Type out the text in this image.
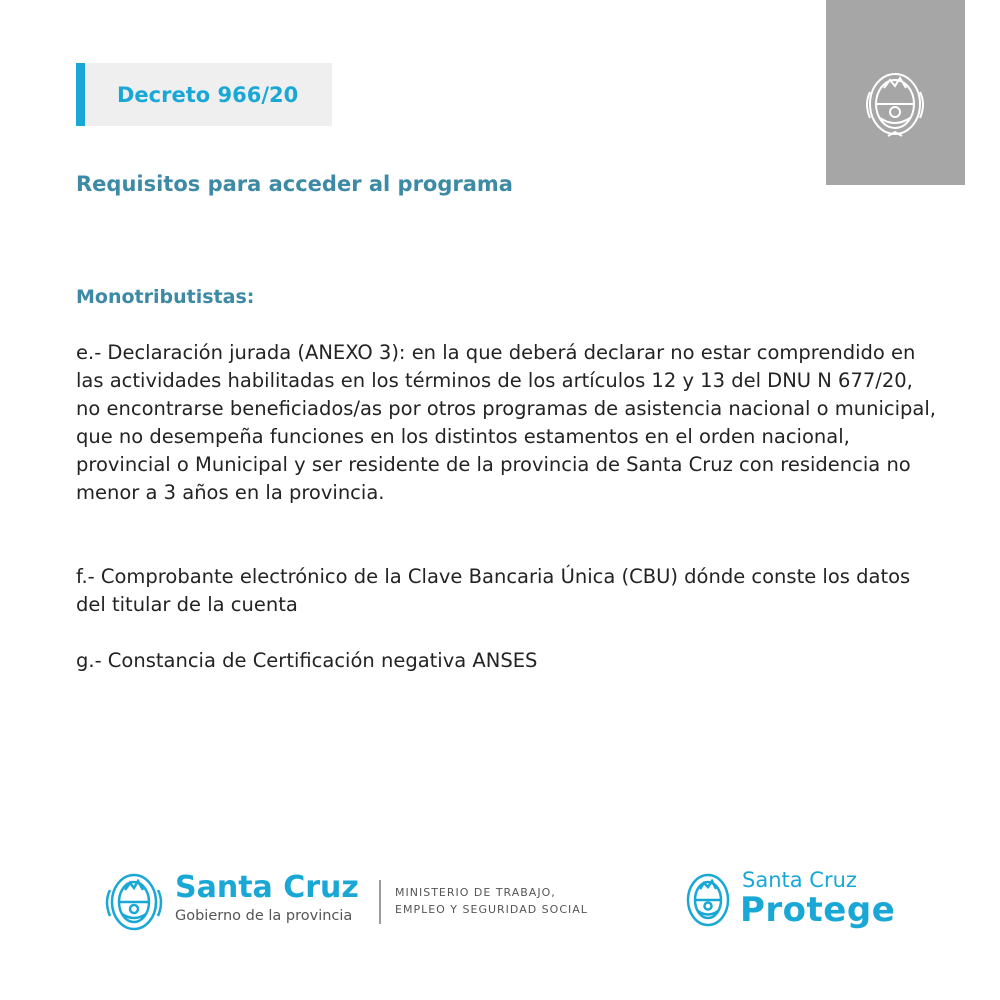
Decreto 966/20
Requisitos para acceder al programa
Monotributistas:

e.- Declaración jurada (ANEXO 3): en la que deberá declarar no estar comprendido en las actividades habilitadas en los términos de los artículos 12 y 13 del DNU N 677/20, no encontrarse beneficiados/as por otros programas de asistencia nacional o municipal, que no desempeña funciones en los distintos estamentos en el orden nacional, provincial o Municipal y ser residente de la provincia de Santa Cruz con residencia no menor a 3 años en la provincia.

f.- Comprobante electrónico de la Clave Bancaria Única (CBU) dónde conste los datos del titular de la cuenta

g.- Constancia de Certificación negativa ANSES

Santa Cruz
Gobierno de la provincia
MINISTERIO DE TRABAJO,
EMPLEO Y SEGURIDAD SOCIAL
Santa Cruz
Protege
